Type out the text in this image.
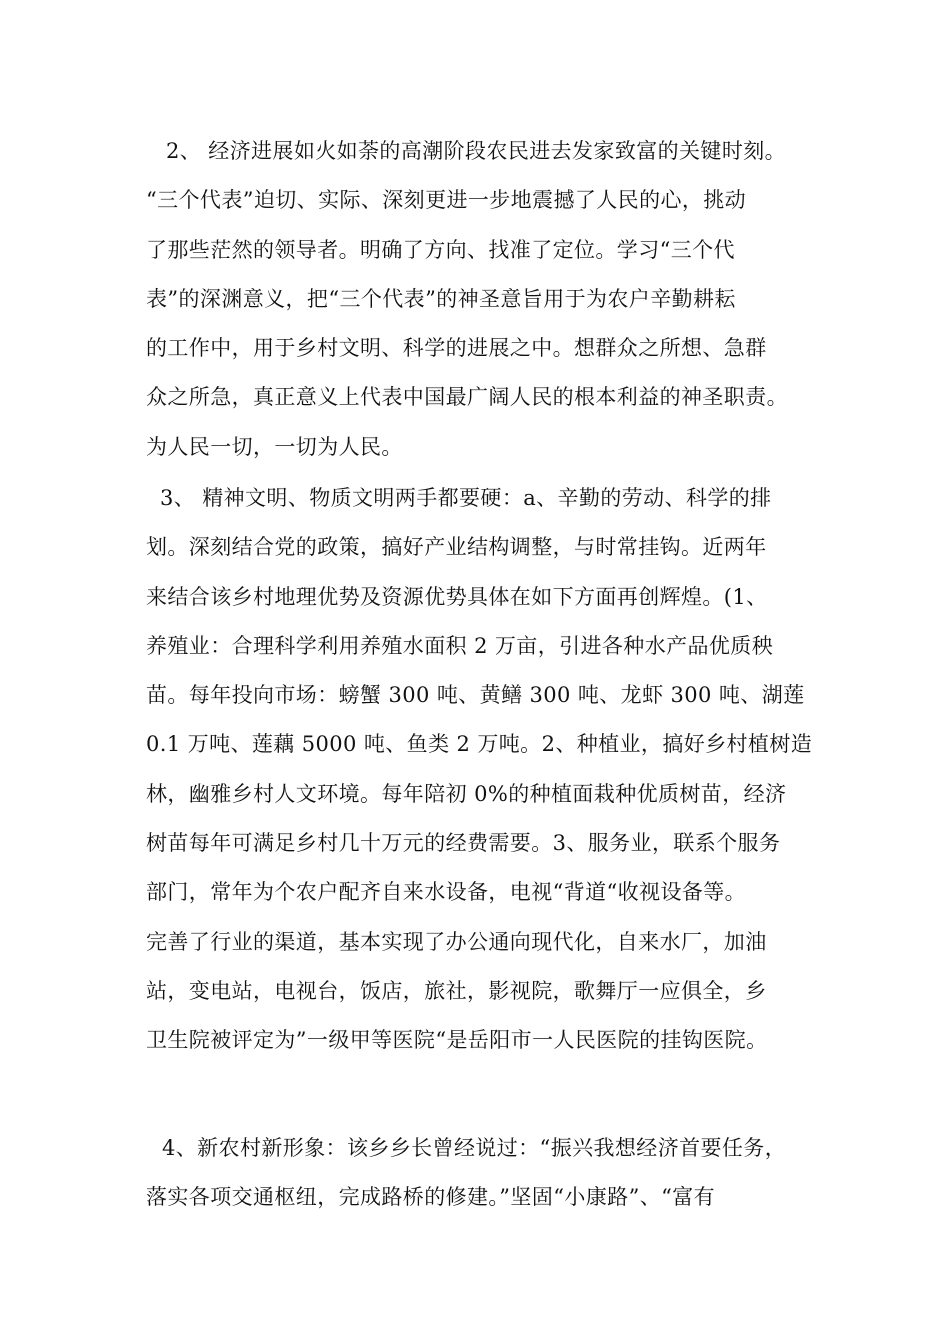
2、 经济进展如火如荼的高潮阶段农民进去发家致富的关键时刻。
“三个代表”迫切、实际、深刻更进一步地震撼了人民的心，挑动
了那些茫然的领导者。明确了方向、找准了定位。学习“三个代
表”的深渊意义，把“三个代表”的神圣意旨用于为农户辛勤耕耘
的工作中，用于乡村文明、科学的进展之中。想群众之所想、急群
众之所急，真正意义上代表中国最广阔人民的根本利益的神圣职责。
为人民一切，一切为人民。
3、 精神文明、物质文明两手都要硬：a、辛勤的劳动、科学的排
划。深刻结合党的政策，搞好产业结构调整，与时常挂钩。近两年
来结合该乡村地理优势及资源优势具体在如下方面再创辉煌。(1、
养殖业：合理科学利用养殖水面积 2 万亩，引进各种水产品优质秧
苗。每年投向市场：螃蟹 300 吨、黄鳝 300 吨、龙虾 300 吨、湖莲
0.1 万吨、莲藕 5000 吨、鱼类 2 万吨。2、种植业，搞好乡村植树造
林，幽雅乡村人文环境。每年陪初 0%的种植面栽种优质树苗，经济
树苗每年可满足乡村几十万元的经费需要。3、服务业，联系个服务
部门，常年为个农户配齐自来水设备，电视“背道“收视设备等。
完善了行业的渠道，基本实现了办公通向现代化，自来水厂，加油
站，变电站，电视台，饭店，旅社，影视院，歌舞厅一应俱全，乡
卫生院被评定为”一级甲等医院“是岳阳市一人民医院的挂钩医院。
4、新农村新形象：该乡乡长曾经说过：“振兴我想经济首要任务，
落实各项交通枢纽，完成路桥的修建。”坚固“小康路”、“富有
